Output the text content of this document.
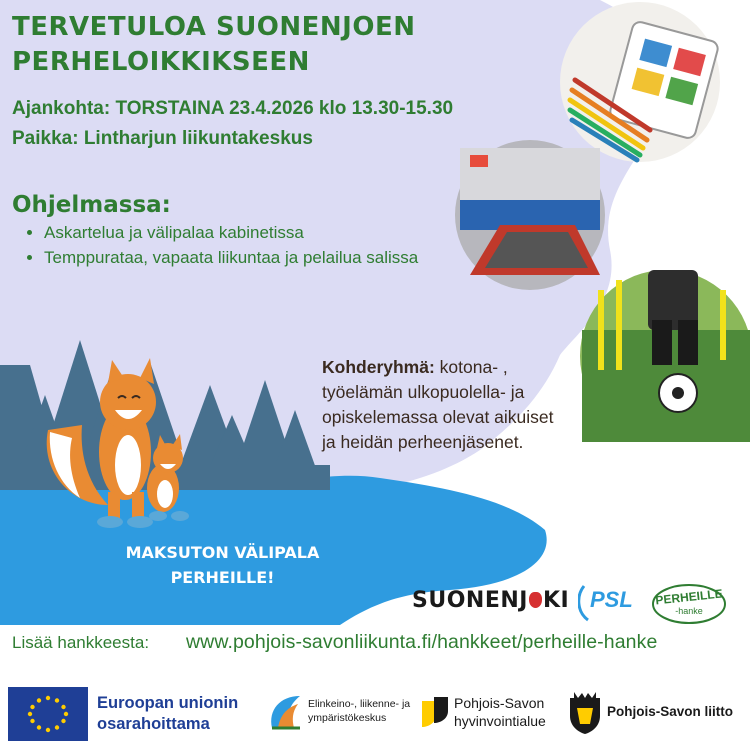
TERVETULOA SUONENJOEN
PERHELOIKKIKSEEN
Ajankohta: TORSTAINA 23.4.2026 klo 13.30-15.30
Paikka: Lintharjun liikuntakeskus
Ohjelmassa:
• Askartelua ja välipalaa kabinetissa
• Temppurataa, vapaata liikuntaa ja pelailua salissa
Kohderyhmä: kotona- , työelämän ulkopuolella- ja opiskelemassa olevat aikuiset ja heidän perheenjäsenet.
MAKSUTON VÄLIPALA
PERHEILLE!
SUONENJ KI PSL PERHEILLE
-hanke
Lisää hankkeesta: www.pohjois-savonliikunta.fi/hankkeet/perheille-hanke
Euroopan unionin
osarahoittama
Elinkeino-, liikenne- ja
ympäristökeskus
Pohjois-Savon
hyvinvointialue
Pohjois-Savon liitto
